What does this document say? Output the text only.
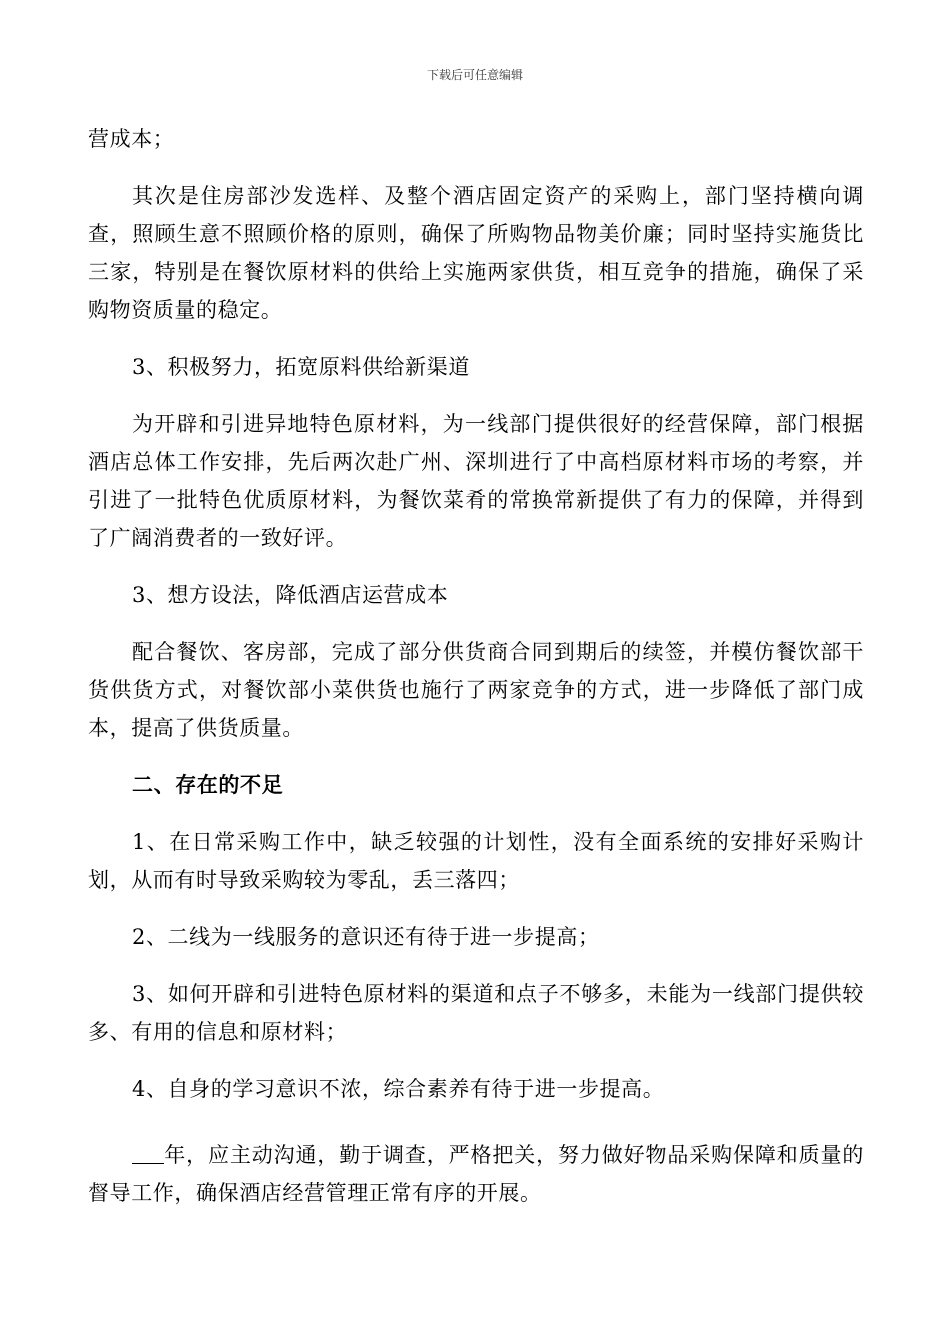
下载后可任意编辑

营成本；

其次是住房部沙发选样、及整个酒店固定资产的采购上，部门坚持横向调查，照顾生意不照顾价格的原则，确保了所购物品物美价廉；同时坚持实施货比三家，特别是在餐饮原材料的供给上实施两家供货，相互竞争的措施，确保了采购物资质量的稳定。

3、积极努力，拓宽原料供给新渠道

为开辟和引进异地特色原材料，为一线部门提供很好的经营保障，部门根据酒店总体工作安排，先后两次赴广州、深圳进行了中高档原材料市场的考察，并引进了一批特色优质原材料，为餐饮菜肴的常换常新提供了有力的保障，并得到了广阔消费者的一致好评。

3、想方设法，降低酒店运营成本

配合餐饮、客房部，完成了部分供货商合同到期后的续签，并模仿餐饮部干货供货方式，对餐饮部小菜供货也施行了两家竞争的方式，进一步降低了部门成本，提高了供货质量。

二、存在的不足

1、在日常采购工作中，缺乏较强的计划性，没有全面系统的安排好采购计划，从而有时导致采购较为零乱，丢三落四；

2、二线为一线服务的意识还有待于进一步提高；

3、如何开辟和引进特色原材料的渠道和点子不够多，未能为一线部门提供较多、有用的信息和原材料；

4、自身的学习意识不浓，综合素养有待于进一步提高。

年，应主动沟通，勤于调查，严格把关，努力做好物品采购保障和质量的督导工作，确保酒店经营管理正常有序的开展。
